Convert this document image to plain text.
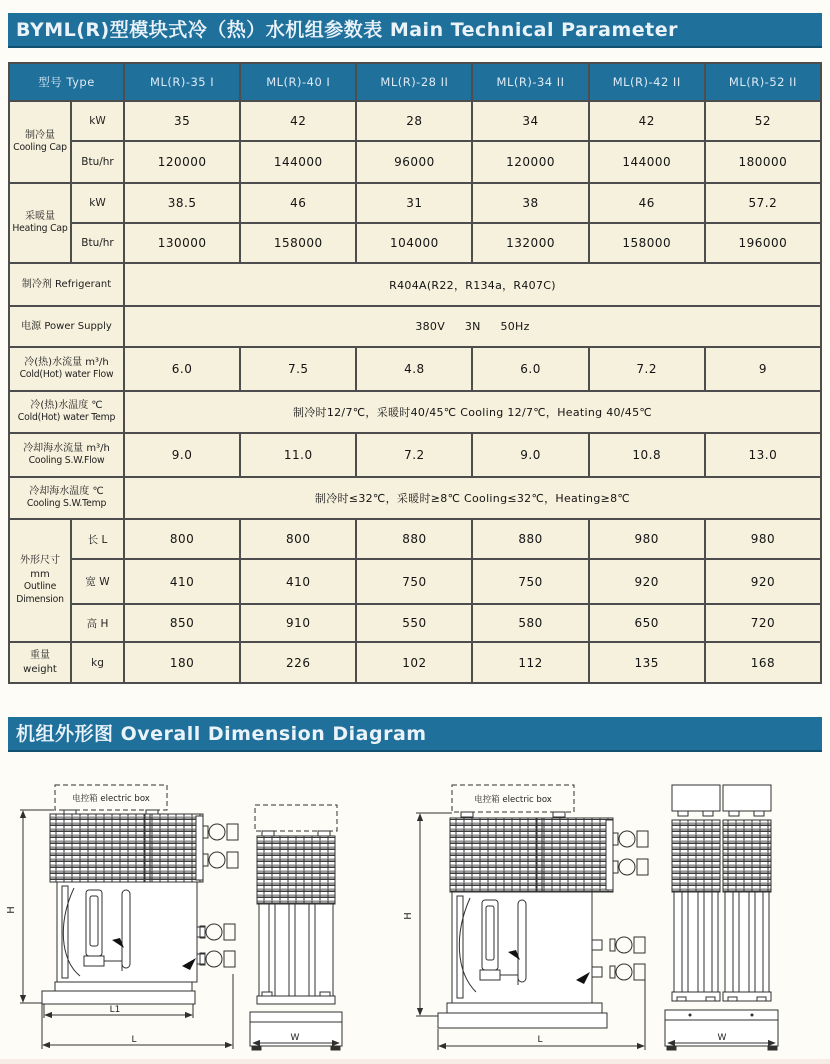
BYML(R)型模块式冷（热）水机组参数表 Main Technical Parameter
型号 Type		ML(R)-35 I	ML(R)-40 I	ML(R)-28 II	ML(R)-34 II	ML(R)-42 II	ML(R)-52 II

制冷量
Cooling Cap	kW	35	42	28	34	42	52
	Btu/hr	120000	144000	96000	120000	144000	180000

采暖量
Heating Cap	kW	38.5	46	31	38	46	57.2
	Btu/hr	130000	158000	104000	132000	158000	196000
制冷剂 Refrigerant		R404A(R22，R134a，R407C)					
电源 Power Supply		380V 3N 50Hz					

冷(热)水流量 m³/h
Cold(Hot) water Flow		6.0	7.5	4.8	6.0	7.2	9

冷(热)水温度 ℃
Cold(Hot) water Temp		制冷时12/7℃，采暖时40/45℃ Cooling 12/7℃，Heating 40/45℃					

冷却海水流量 m³/h
Cooling S.W.Flow		9.0	11.0	7.2	9.0	10.8	13.0

冷却海水温度 ℃
Cooling S.W.Temp		制冷时≤32℃，采暖时≥8℃ Cooling≤32℃，Heating≥8℃					

外形尺寸 mm
Outline Dimension	长 L	800	800	880	880	980	980
	宽 W	410	410	750	750	920	920
	高 H	850	910	550	580	650	720
重量 weight	kg	180	226	102	112	135	168
机组外形图 Overall Dimension Diagram
H
电控箱 electric box
L1
L	W
H
电控箱 electric box
L	W
